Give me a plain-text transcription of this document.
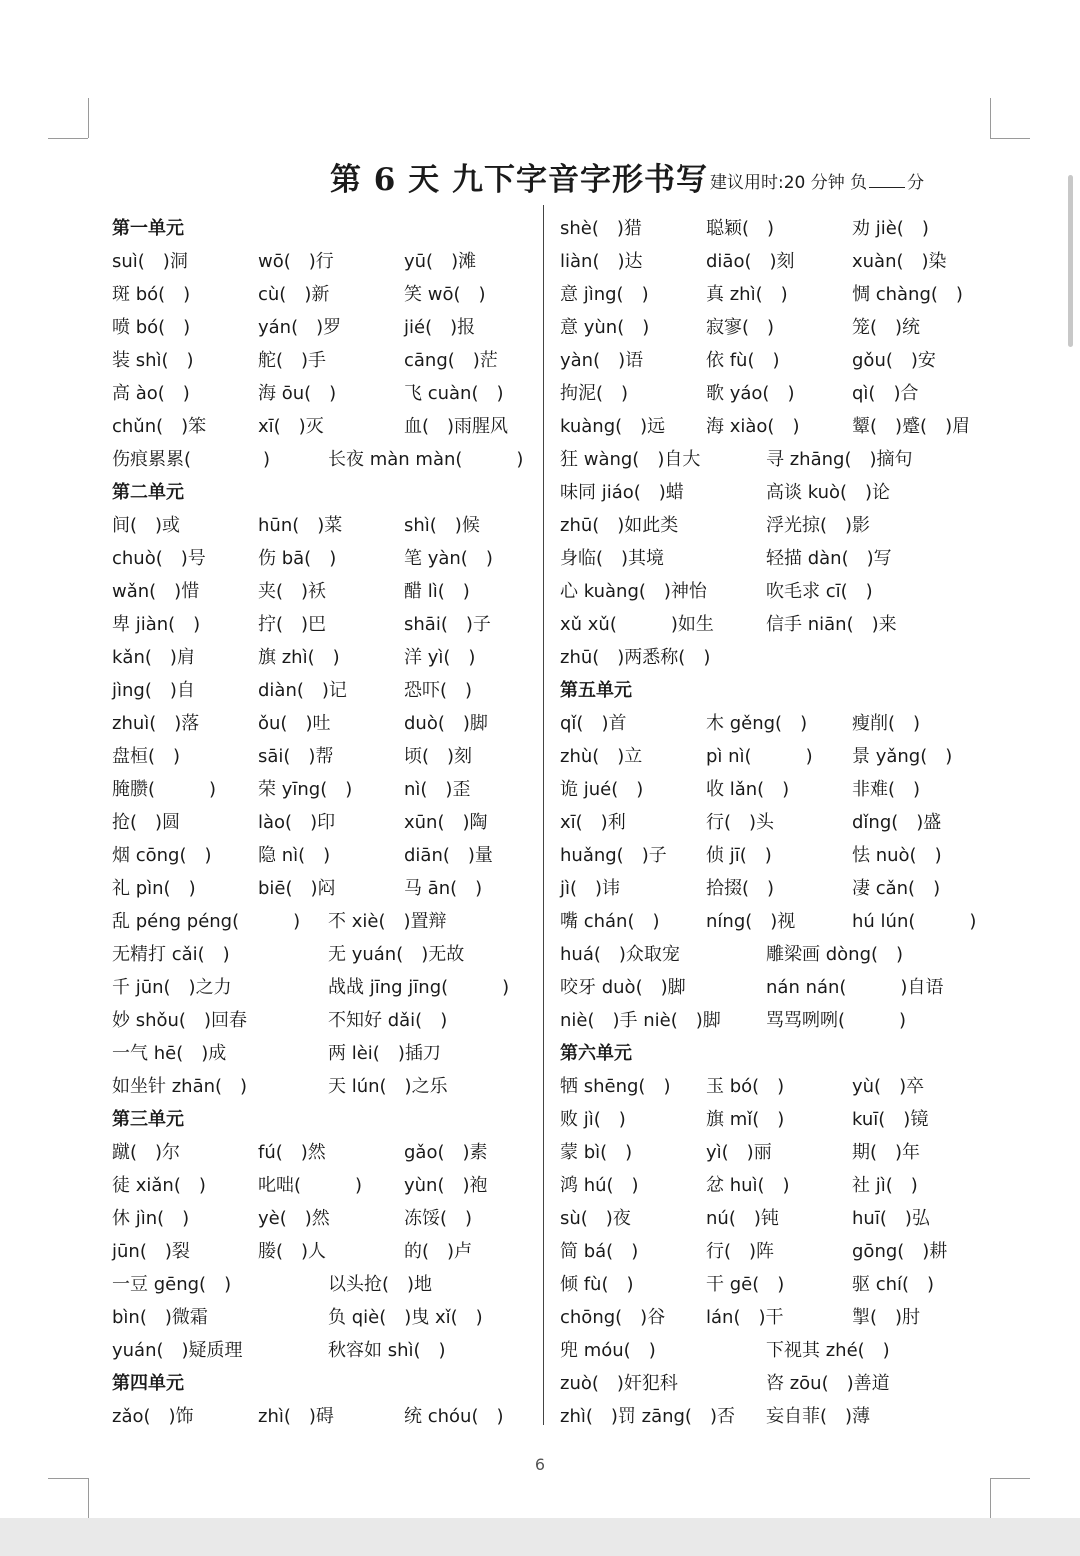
第 6 天 九下字音字形书写 建议用时:20 分钟 负 分
第一单元
suì(　)洞	wō(　)行	yū(　)滩
斑 bó(　)	cù(　)新	笑 wō(　)
喷 bó(　)	yán(　)罗	jié(　)报
装 shì(　)	舵(　)手	cāng(　)茫
高 ào(　)	海 ōu(　)	飞 cuàn(　)
chǔn(　)笨	xī(　)灭	血(　)雨腥风
伤痕累累(　　　　)	长夜 màn màn(　　　)
第二单元
间(　)或	hūn(　)菜	shì(　)候
chuò(　)号	伤 bā(　)	笔 yàn(　)
wǎn(　)惜	夹(　)袄	醋 lì(　)
卑 jiàn(　)	拧(　)巴	shāi(　)子
kǎn(　)肩	旗 zhì(　)	洋 yì(　)
jìng(　)自	diàn(　)记	恐吓(　)
zhuì(　)落	ǒu(　)吐	duò(　)脚
盘桓(　)	sāi(　)帮	顷(　)刻
腌臜(　　　) 荣 yīng(　)	nì(　)歪
抢(　)圆	lào(　)印	xūn(　)陶
烟 cōng(　)	隐 nì(　)	diān(　)量
礼 pìn(　)	biē(　)闷	马 ān(　)
乱 péng péng(　　　) 不 xiè(　)置辩
无精打 cǎi(　)	无 yuán(　)无故
千 jūn(　)之力	战战 jīng jīng(　　　)
妙 shǒu(　)回春	不知好 dǎi(　)
一气 hē(　)成	两 lèi(　)插刀
如坐针 zhān(　)	天 lún(　)之乐
第三单元
蹴(　)尔	fú(　)然	gǎo(　)素
徒 xiǎn(　)	叱咄(　　　) yùn(　)袍
休 jìn(　)	yè(　)然	冻馁(　)
jūn(　)裂	媵(　)人	的(　)卢
一豆 gēng(　)	以头抢(　)地
bìn(　)微霜	负 qiè(　)曳 xǐ(　)
yuán(　)疑质理	秋容如 shì(　)
第四单元
zǎo(　)饰	zhì(　)碍	统 chóu(　)
shè(　)猎	聪颖(　)	劝 jiè(　)
liàn(　)达	diāo(　)刻	xuàn(　)染
意 jìng(　)	真 zhì(　)	惆 chàng(　)
意 yùn(　)	寂寥(　)	笼(　)统
yàn(　)语	依 fù(　)	gǒu(　)安
拘泥(　)	歌 yáo(　)	qì(　)合
kuàng(　)远 海 xiào(　)	颦(　)蹙(　)眉
狂 wàng(　)自大	寻 zhāng(　)摘句
味同 jiáo(　)蜡	高谈 kuò(　)论
zhū(　)如此类	浮光掠(　)影
身临(　)其境	轻描 dàn(　)写
心 kuàng(　)神怡	吹毛求 cī(　)
xǔ xǔ(　　　)如生	信手 niān(　)来
zhū(　)两悉称(　)
第五单元
qǐ(　)首	木 gěng(　) 瘦削(　)
zhù(　)立	pì nì(　　　) 景 yǎng(　)
诡 jué(　)	收 lǎn(　)	非难(　)
xī(　)利	行(　)头	dǐng(　)盛
huǎng(　)子 侦 jī(　)	怯 nuò(　)
jì(　)讳	拾掇(　)	凄 cǎn(　)
嘴 chán(　)	níng(　)视	hú lún(　　　)
huá(　)众取宠	雕梁画 dòng(　)
咬牙 duò(　)脚	nán nán(　　　)自语
niè(　)手 niè(　)脚	骂骂咧咧(　　　)
第六单元
牺 shēng(　) 玉 bó(　)	yù(　)卒
败 jì(　)	旗 mǐ(　)	kuī(　)镜
蒙 bì(　)	yì(　)丽	期(　)年
鸿 hú(　)	忿 huì(　)	社 jì(　)
sù(　)夜	nú(　)钝	huī(　)弘
简 bá(　)	行(　)阵	gōng(　)耕
倾 fù(　)	干 gē(　)	驱 chí(　)
chōng(　)谷 lán(　)干	掣(　)肘
兜 móu(　)	下视其 zhé(　)
zuò(　)奸犯科	咨 zōu(　)善道
zhì(　)罚 zāng(　)否 妄自菲(　)薄
6
